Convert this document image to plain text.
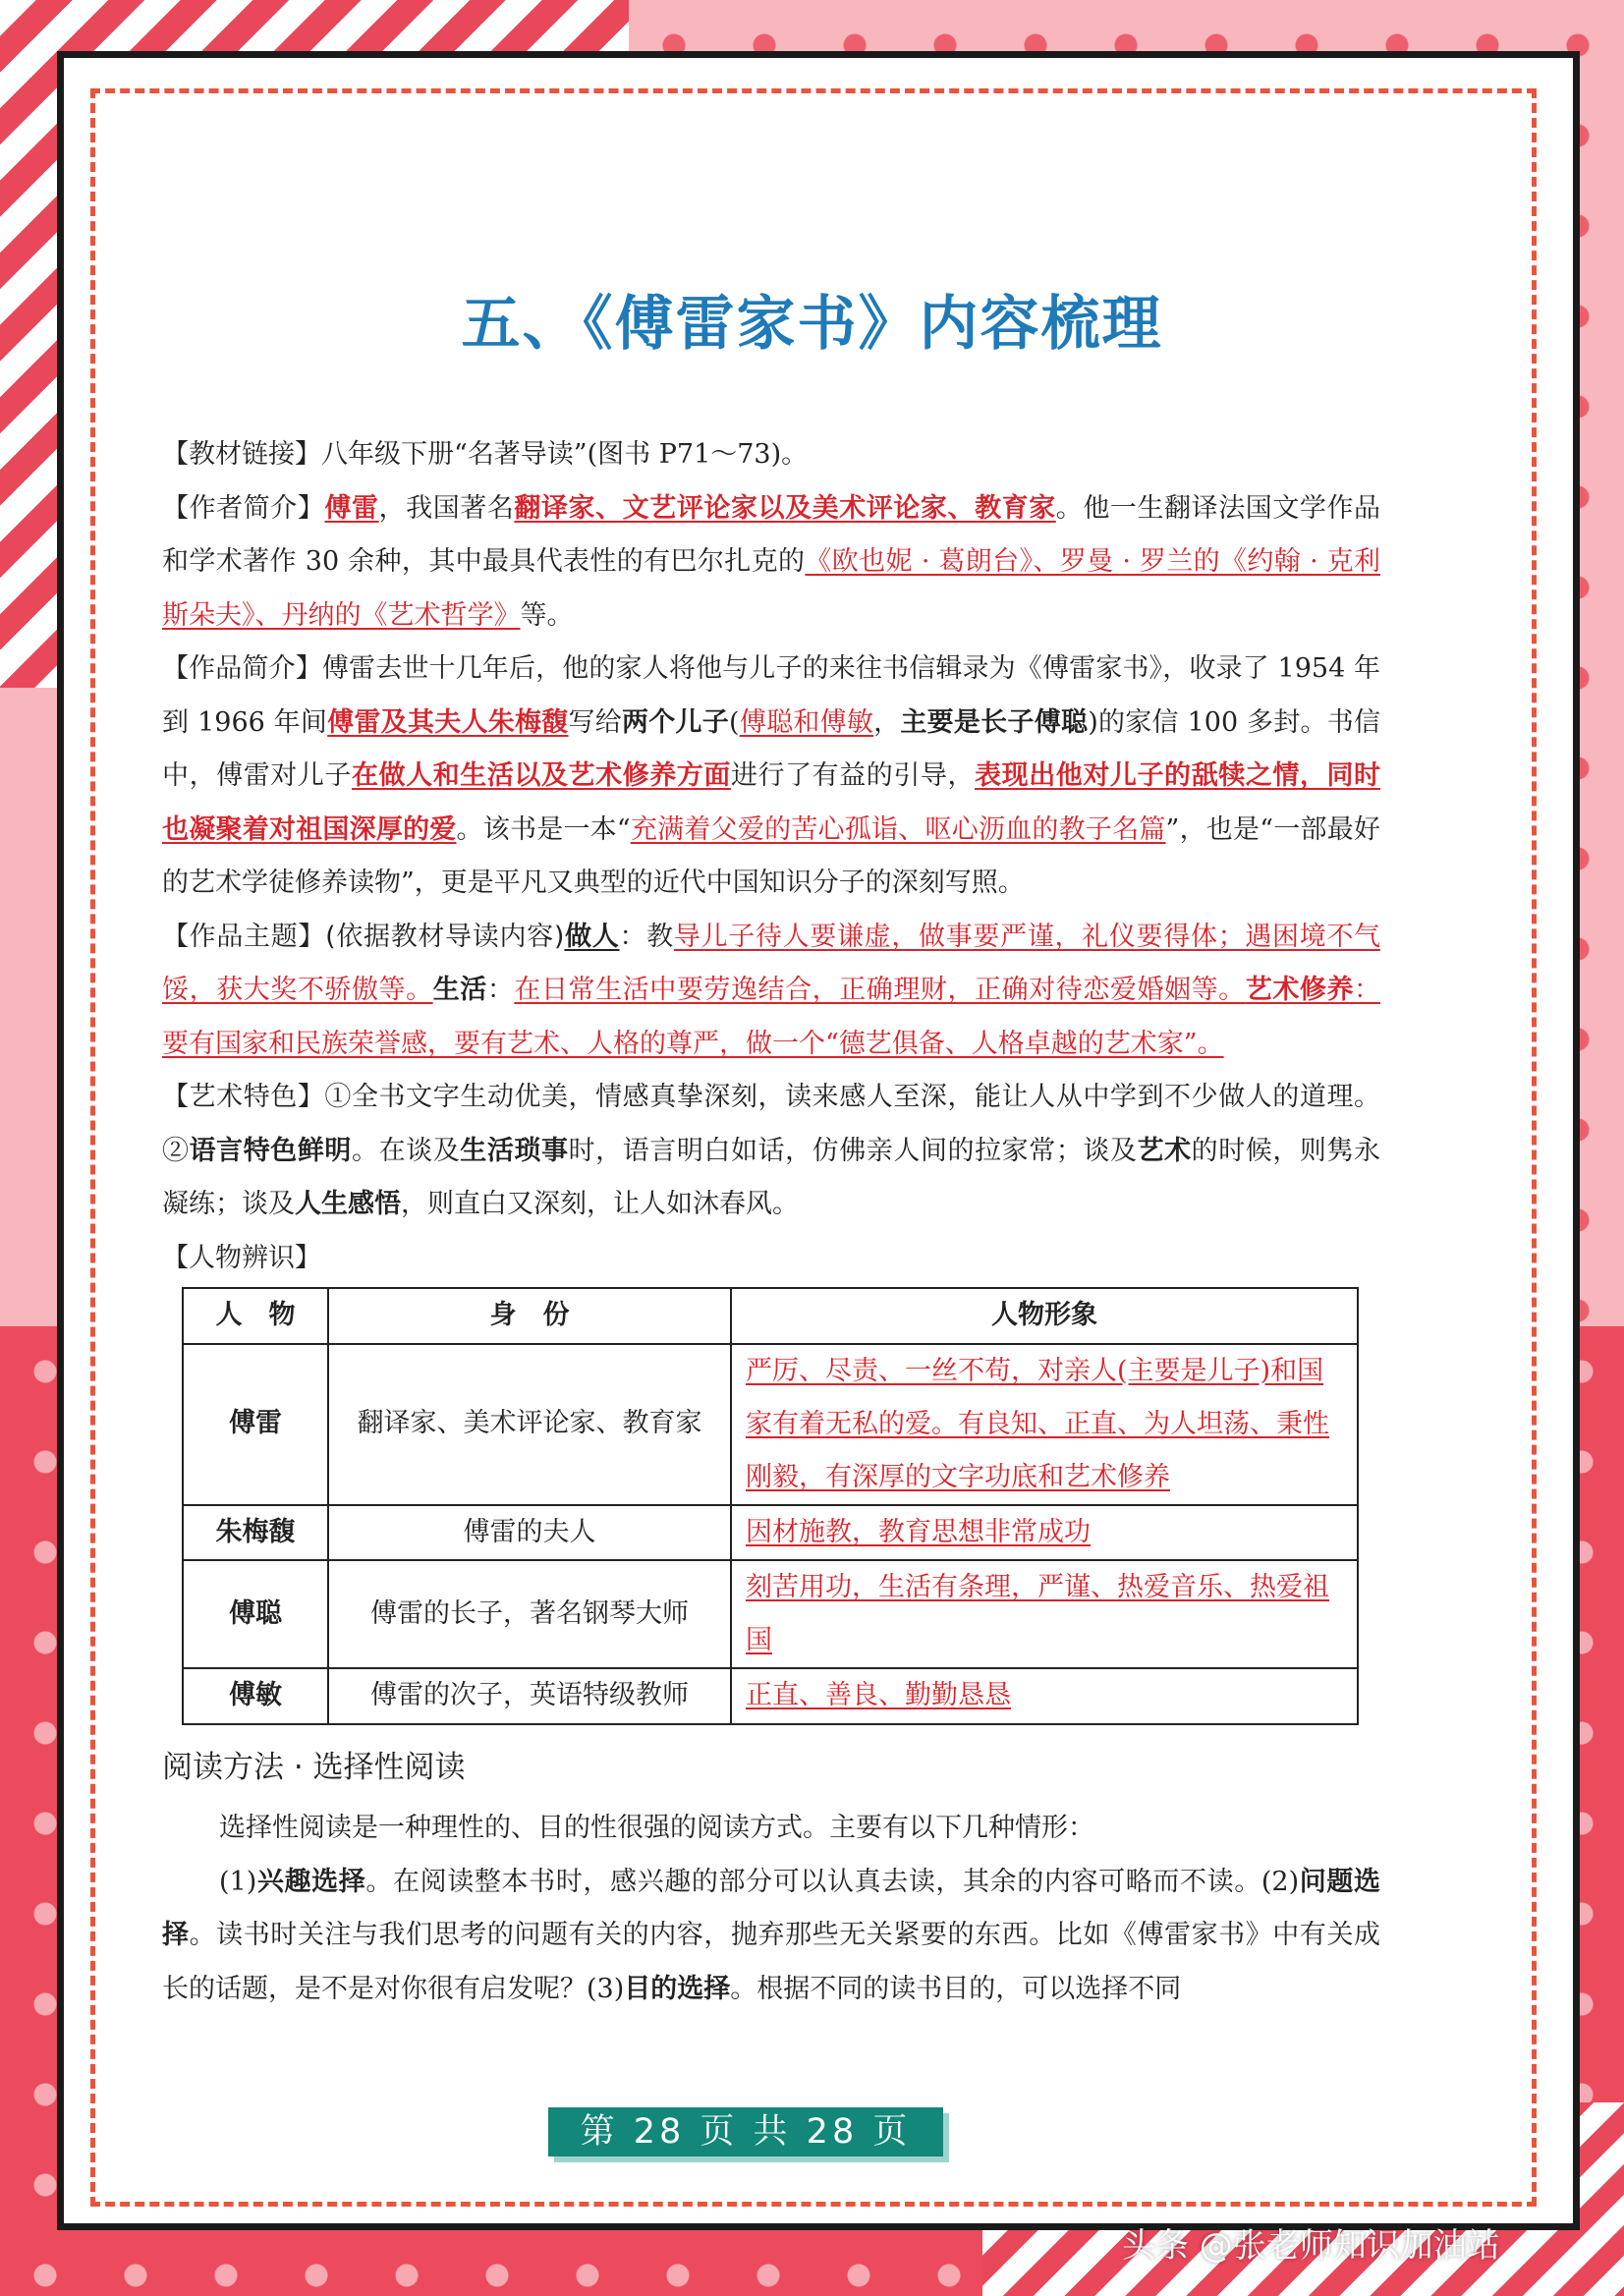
五、《傅雷家书》内容梳理

【教材链接】八年级下册“名著导读”(图书 P71～73)。

【作者简介】傅雷，我国著名翻译家、文艺评论家以及美术评论家、教育家。他一生翻译法国文学作品和学术著作 30 余种，其中最具代表性的有巴尔扎克的《欧也妮 · 葛朗台》、罗曼 · 罗兰的《约翰 · 克利斯朵夫》、丹纳的《艺术哲学》等。

【作品简介】傅雷去世十几年后，他的家人将他与儿子的来往书信辑录为《傅雷家书》，收录了 1954 年到 1966 年间傅雷及其夫人朱梅馥写给两个儿子(傅聪和傅敏，主要是长子傅聪)的家信 100 多封。书信中，傅雷对儿子在做人和生活以及艺术修养方面进行了有益的引导，表现出他对儿子的舐犊之情，同时也凝聚着对祖国深厚的爱。该书是一本“充满着父爱的苦心孤诣、呕心沥血的教子名篇”，也是“一部最好的艺术学徒修养读物”，更是平凡又典型的近代中国知识分子的深刻写照。

【作品主题】(依据教材导读内容)做人：教导儿子待人要谦虚，做事要严谨，礼仪要得体；遇困境不气馁，获大奖不骄傲等。生活：在日常生活中要劳逸结合，正确理财，正确对待恋爱婚姻等。艺术修养：要有国家和民族荣誉感，要有艺术、人格的尊严，做一个“德艺俱备、人格卓越的艺术家”。

【艺术特色】①全书文字生动优美，情感真挚深刻，读来感人至深，能让人从中学到不少做人的道理。②语言特色鲜明。在谈及生活琐事时，语言明白如话，仿佛亲人间的拉家常；谈及艺术的时候，则隽永凝练；谈及人生感悟，则直白又深刻，让人如沐春风。

【人物辨识】

人　物	身　份	人物形象
傅雷	翻译家、美术评论家、教育家	严厉、尽责、一丝不苟，对亲人(主要是儿子)和国家有着无私的爱。有良知、正直、为人坦荡、秉性刚毅，有深厚的文字功底和艺术修养
朱梅馥	傅雷的夫人	因材施教，教育思想非常成功
傅聪	傅雷的长子，著名钢琴大师	刻苦用功，生活有条理，严谨、热爱音乐、热爱祖国
傅敏	傅雷的次子，英语特级教师	正直、善良、勤勤恳恳
阅读方法 · 选择性阅读

选择性阅读是一种理性的、目的性很强的阅读方式。主要有以下几种情形：

(1)兴趣选择。在阅读整本书时，感兴趣的部分可以认真去读，其余的内容可略而不读。(2)问题选择。读书时关注与我们思考的问题有关的内容，抛弃那些无关紧要的东西。比如《傅雷家书》中有关成长的话题，是不是对你很有启发呢？(3)目的选择。根据不同的读书目的，可以选择不同

第 28 页 共 28 页
头条 @张老师知识加油站
